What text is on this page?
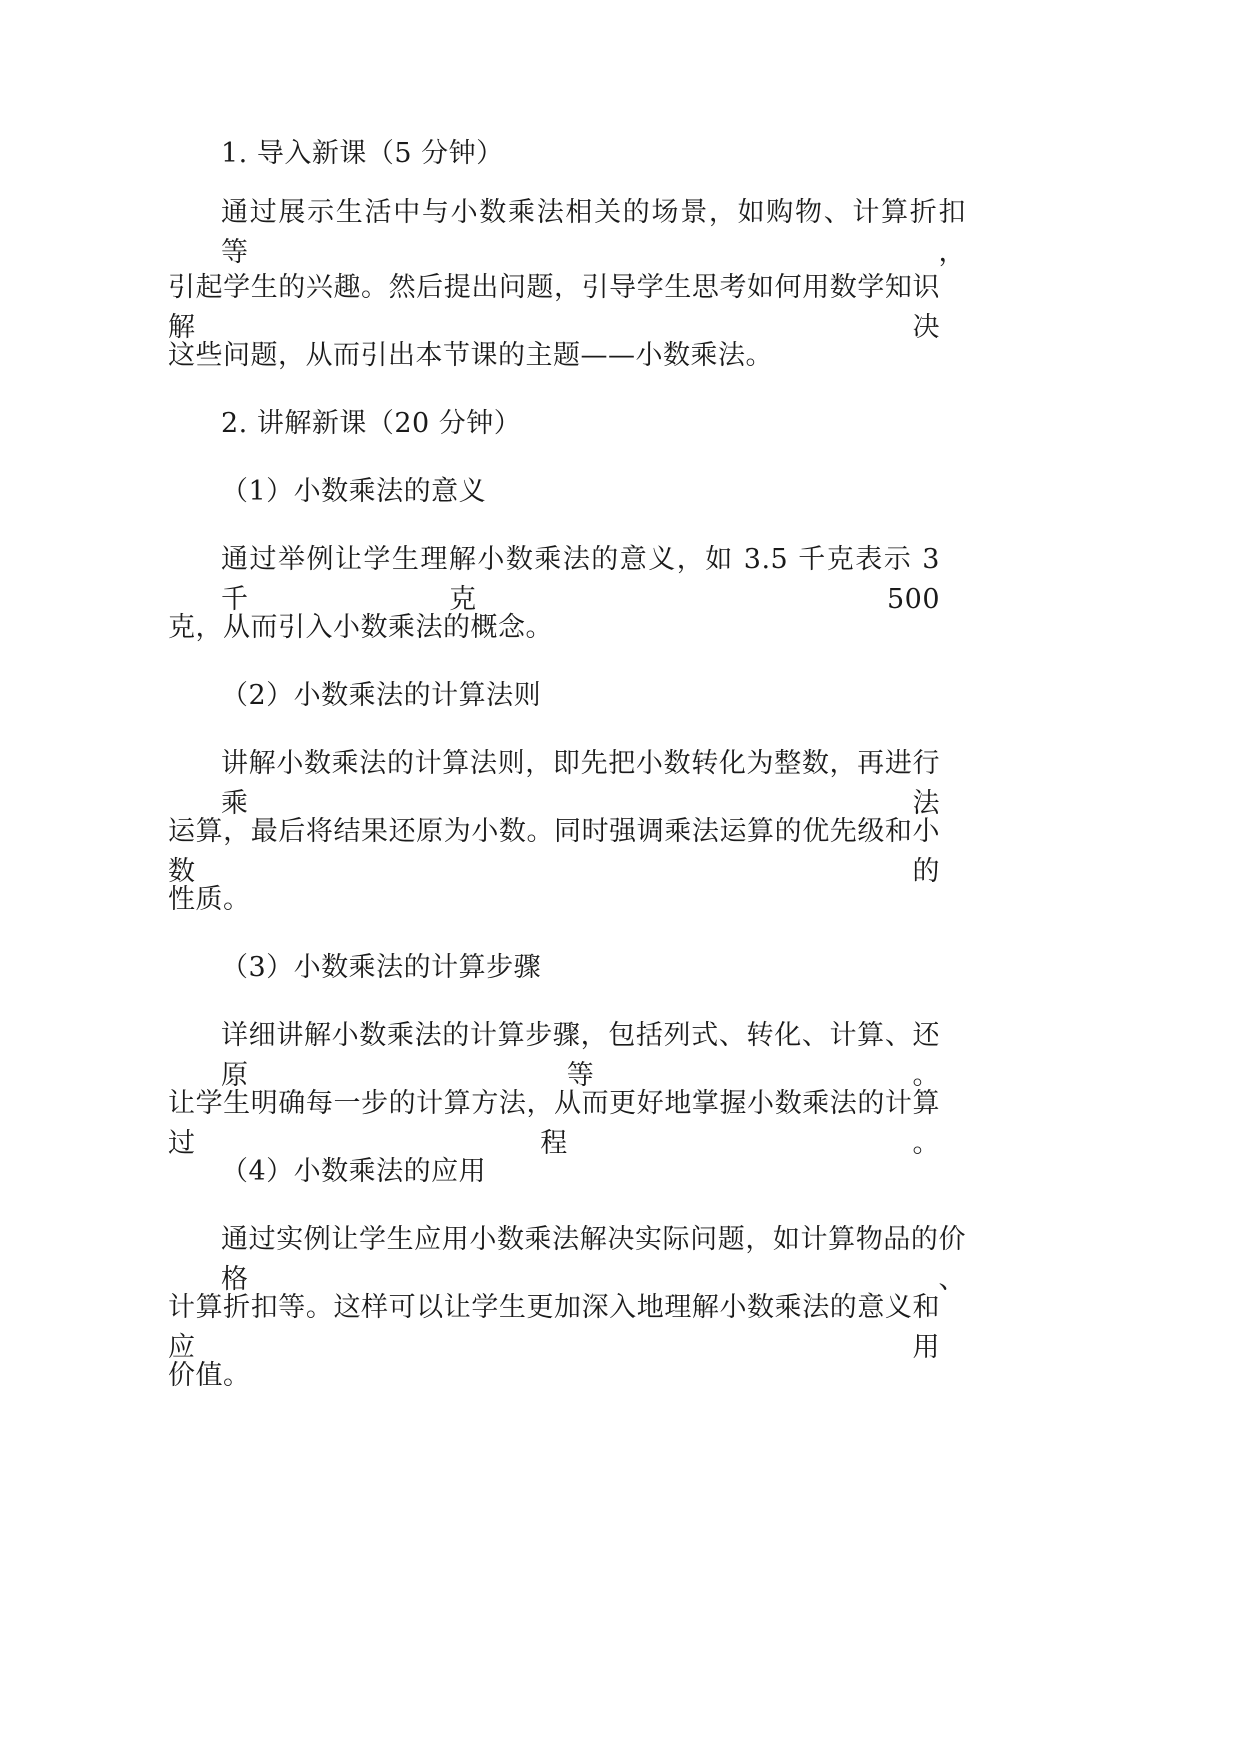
1. 导入新课（5 分钟）
通过展示生活中与小数乘法相关的场景，如购物、计算折扣等，
引起学生的兴趣。然后提出问题，引导学生思考如何用数学知识解决
这些问题，从而引出本节课的主题——小数乘法。
2. 讲解新课（20 分钟）
（1）小数乘法的意义
通过举例让学生理解小数乘法的意义，如 3.5 千克表示 3 千克 500
克，从而引入小数乘法的概念。
（2）小数乘法的计算法则
讲解小数乘法的计算法则，即先把小数转化为整数，再进行乘法
运算，最后将结果还原为小数。同时强调乘法运算的优先级和小数的
性质。
（3）小数乘法的计算步骤
详细讲解小数乘法的计算步骤，包括列式、转化、计算、还原等。
让学生明确每一步的计算方法，从而更好地掌握小数乘法的计算过程。
（4）小数乘法的应用
通过实例让学生应用小数乘法解决实际问题，如计算物品的价格、
计算折扣等。这样可以让学生更加深入地理解小数乘法的意义和应用
价值。
